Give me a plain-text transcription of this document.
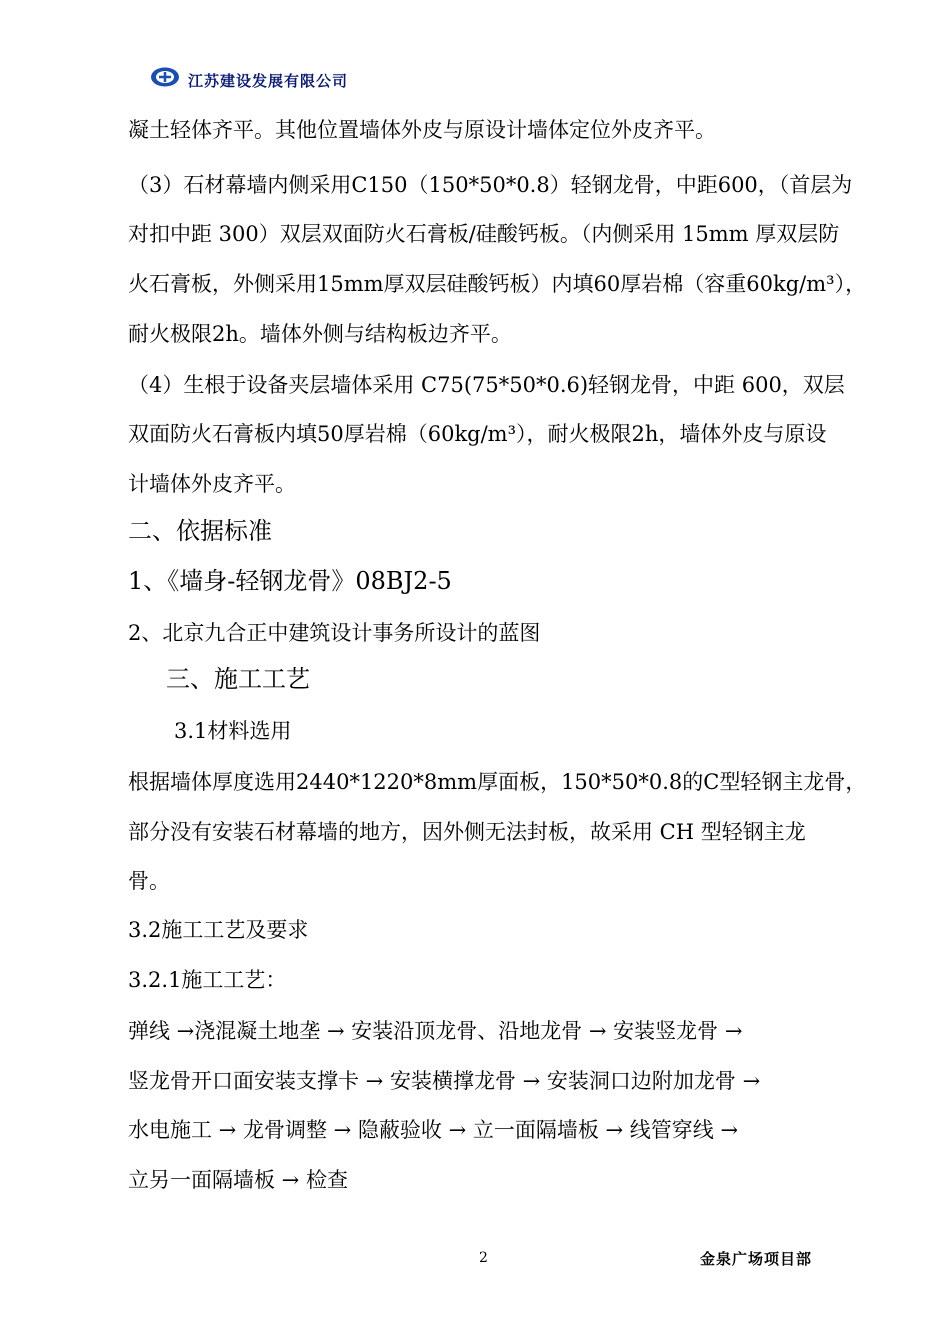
江苏建设发展有限公司
凝土轻体齐平。其他位置墙体外皮与原设计墙体定位外皮齐平。
（3）石材幕墙内侧采用C150（150*50*0.8）轻钢龙骨，中距600，（首层为
对扣中距 300）双层双面防火石膏板/硅酸钙板。（内侧采用 15mm 厚双层防
火石膏板，外侧采用15mm厚双层硅酸钙板）内填60厚岩棉（容重60kg/m³），
耐火极限2h。墙体外侧与结构板边齐平。
（4）生根于设备夹层墙体采用 C75(75*50*0.6)轻钢龙骨，中距 600，双层
双面防火石膏板内填50厚岩棉（60kg/m³），耐火极限2h，墙体外皮与原设
计墙体外皮齐平。
二、依据标准
1、《墙身-轻钢龙骨》08BJ2-5
2、北京九合正中建筑设计事务所设计的蓝图
三、施工工艺
3.1材料选用
根据墙体厚度选用2440*1220*8mm厚面板，150*50*0.8的C型轻钢主龙骨，
部分没有安装石材幕墙的地方，因外侧无法封板，故采用 CH 型轻钢主龙
骨。
3.2施工工艺及要求
3.2.1施工工艺：
弹线 →浇混凝土地垄 → 安装沿顶龙骨、沿地龙骨 → 安装竖龙骨 →
竖龙骨开口面安装支撑卡 → 安装横撑龙骨 → 安装洞口边附加龙骨 →
水电施工 → 龙骨调整 → 隐蔽验收 → 立一面隔墙板 → 线管穿线 →
立另一面隔墙板 → 检查
2	金泉广场项目部
